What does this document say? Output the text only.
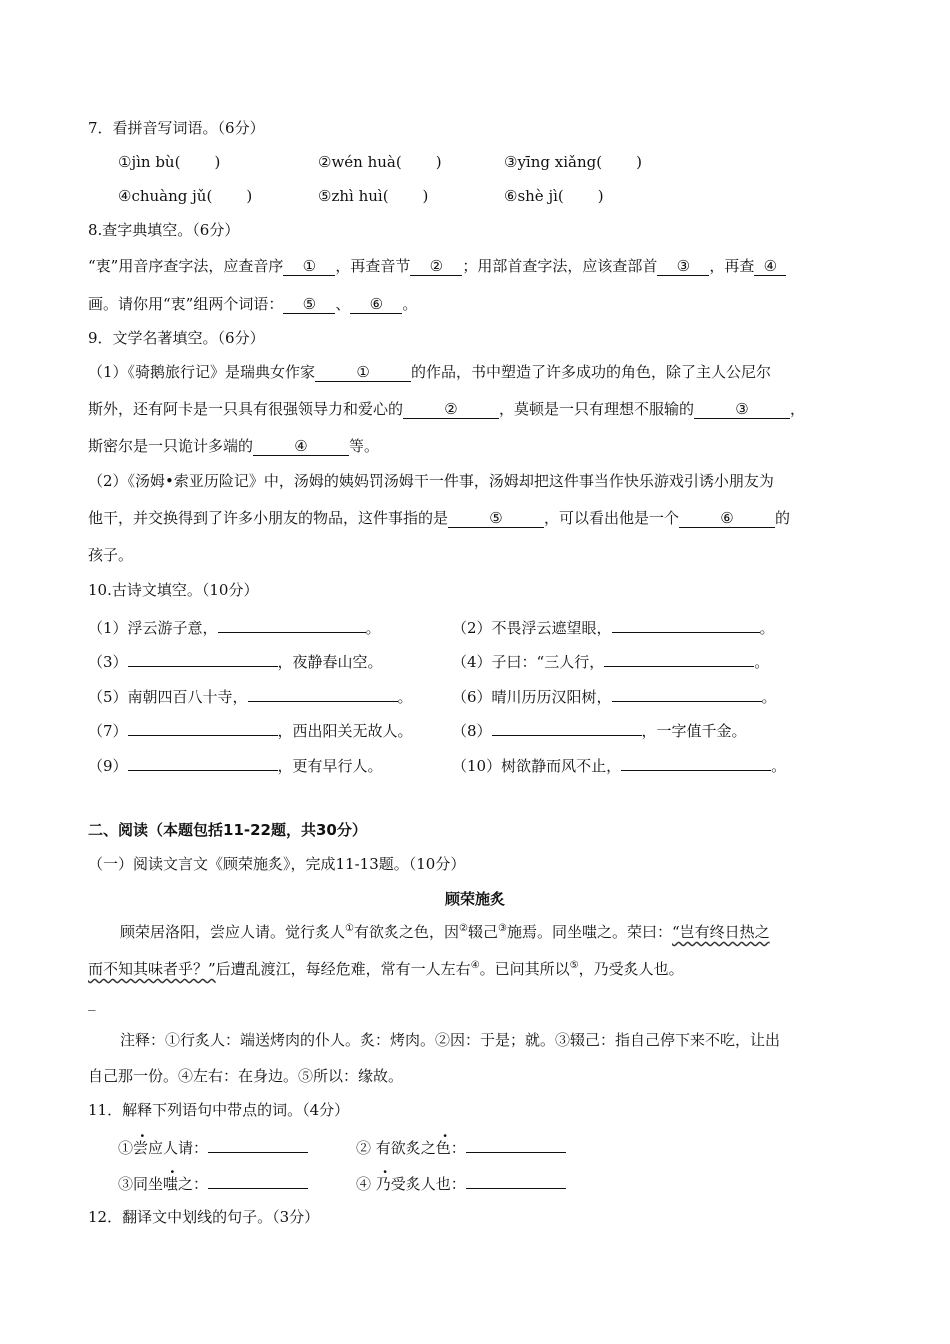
7．看拼音写词语。（6分）
①jìn bù( )	②wén huà( )	③yīng xiǎng( )
④chuàng jǔ( )	⑤zhì huì( )	⑥shè jì( )
8.查字典填空。（6分）
“衷”用音序查字法，应查音序 ① ，再查音节 ② ；用部首查字法，应该查部首 ③ ，再查 ④
画。请你用“衷”组两个词语： ⑤ 、 ⑥ 。
9．文学名著填空。（6分）
（1）《骑鹅旅行记》是瑞典女作家	①	的作品，书中塑造了许多成功的角色，除了主人公尼尔
斯外，还有阿卡是一只具有很强领导力和爱心的	②	，莫顿是一只有理想不服输的	③	，
斯密尔是一只诡计多端的	④	等。
（2）《汤姆•索亚历险记》中，汤姆的姨妈罚汤姆干一件事，汤姆却把这件事当作快乐游戏引诱小朋友为
他干，并交换得到了许多小朋友的物品，这件事指的是	⑤	，可以看出他是一个	⑥	的
孩子。
10.古诗文填空。（10分）
（1）浮云游子意，	。	（2）不畏浮云遮望眼，	。
（3）	，夜静春山空。	（4）子曰：“三人行，	。
（5）南朝四百八十寺，	。	（6）晴川历历汉阳树，	。
（7）	，西出阳关无故人。	（8）	，一字值千金。
（9）	，更有早行人。	（10）树欲静而风不止，	。
二、阅读（本题包括11-22题，共30分）
（一）阅读文言文《顾荣施炙》，完成11-13题。（10分）
顾荣施炙
顾荣居洛阳，尝应人请。觉行炙人①有欲炙之色，因②辍己③施焉。同坐嗤之。荣曰：“岂有终日热之
而不知其味者乎？”后遭乱渡江，每经危难，常有一人左右④。已问其所以⑤，乃受炙人也。
_
注释：①行炙人：端送烤肉的仆人。炙：烤肉。②因：于是；就。③辍己：指自己停下来不吃，让出
自己那一份。④左右：在身边。⑤所以：缘故。
11．解释下列语句中带点的词。（4分）
①尝应人请：	② 有欲炙之色：
③同坐嗤之：	④ 乃受炙人也：
12．翻译文中划线的句子。（3分）
